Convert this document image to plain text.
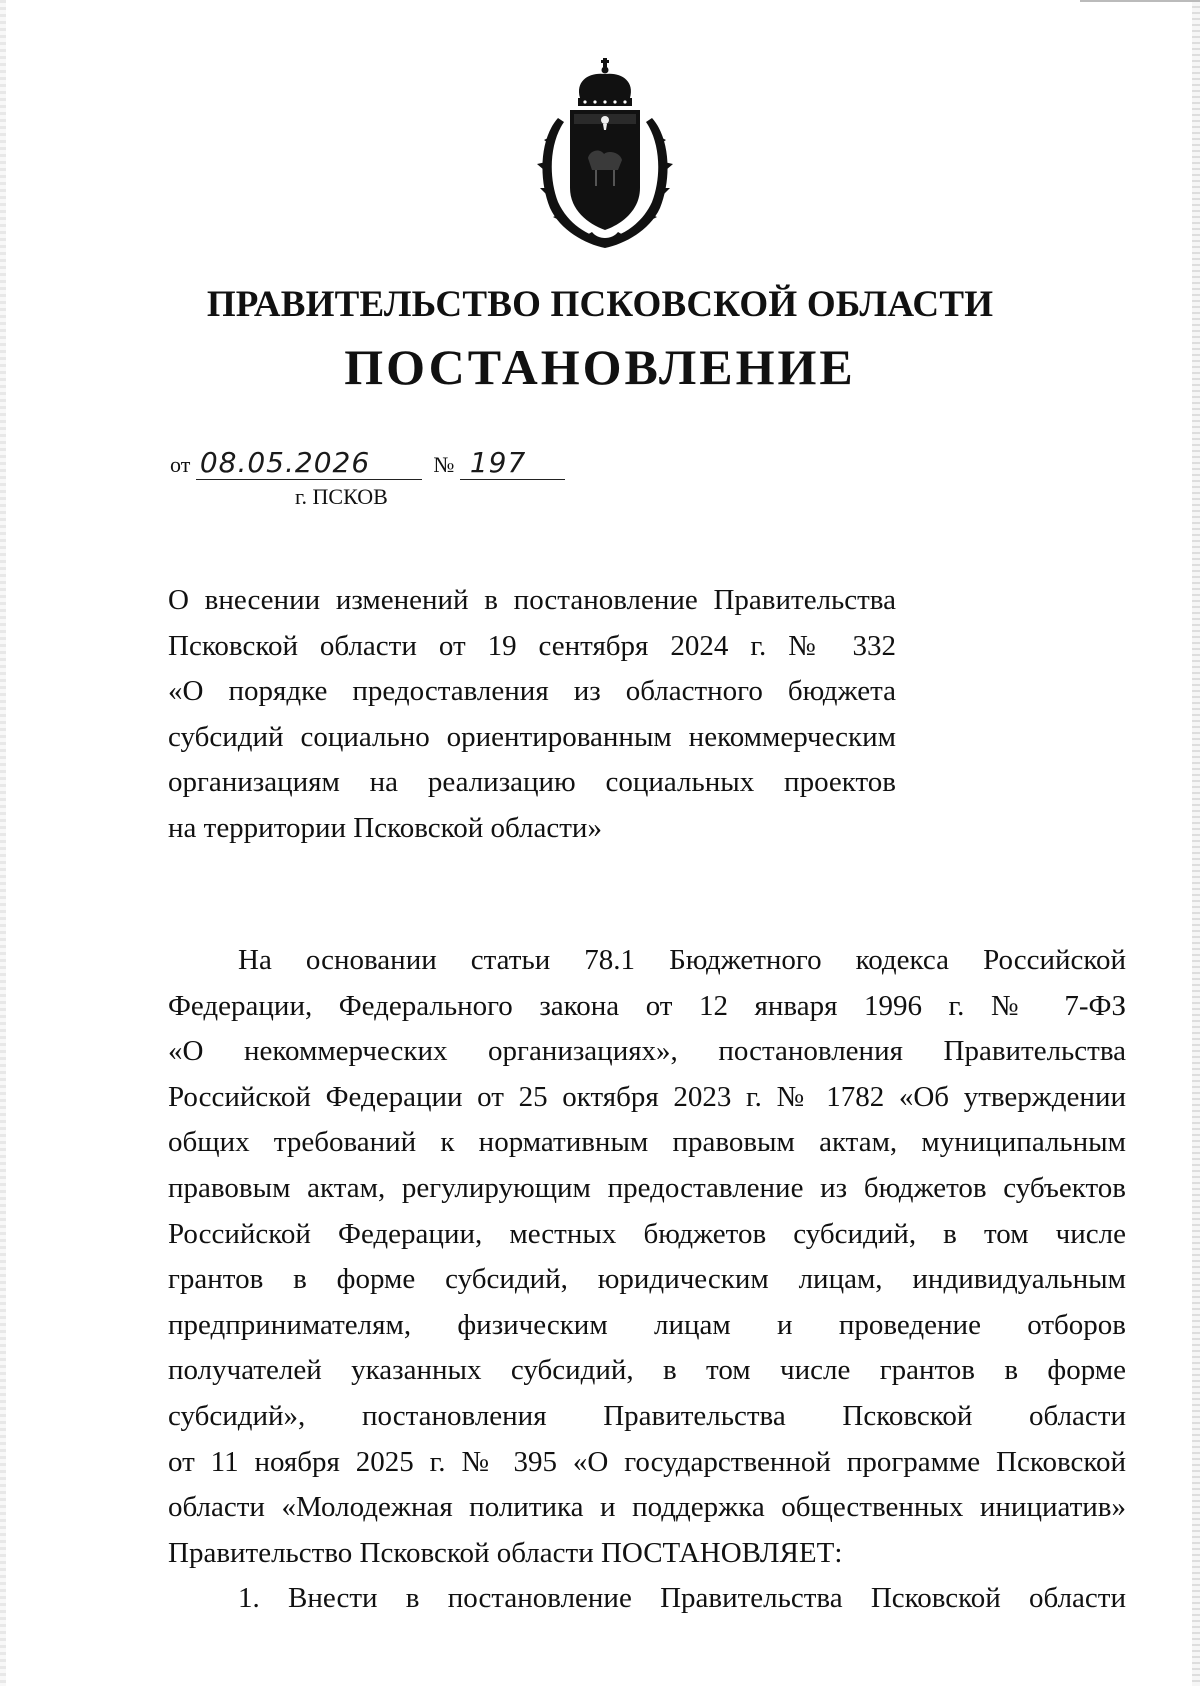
ПРАВИТЕЛЬСТВО ПСКОВСКОЙ ОБЛАСТИ
ПОСТАНОВЛЕНИЕ
от 08.05.2026	№ 197
г. ПСКОВ

О внесении изменений в постановление Правительства

Псковской области от 19 сентября 2024 г. № 332

«О порядке предоставления из областного бюджета

субсидий социально ориентированным некоммерческим

организациям на реализацию социальных проектов

на территории Псковской области»

На основании статьи 78.1 Бюджетного кодекса Российской

Федерации, Федерального закона от 12 января 1996 г. № 7-ФЗ

«О некоммерческих организациях», постановления Правительства

Российской Федерации от 25 октября 2023 г. № 1782 «Об утверждении

общих требований к нормативным правовым актам, муниципальным

правовым актам, регулирующим предоставление из бюджетов субъектов

Российской Федерации, местных бюджетов субсидий, в том числе

грантов в форме субсидий, юридическим лицам, индивидуальным

предпринимателям, физическим лицам и проведение отборов

получателей указанных субсидий, в том числе грантов в форме

субсидий», постановления Правительства Псковской области

от 11 ноября 2025 г. № 395 «О государственной программе Псковской

области «Молодежная политика и поддержка общественных инициатив»

Правительство Псковской области ПОСТАНОВЛЯЕТ:

1. Внести в постановление Правительства Псковской области
